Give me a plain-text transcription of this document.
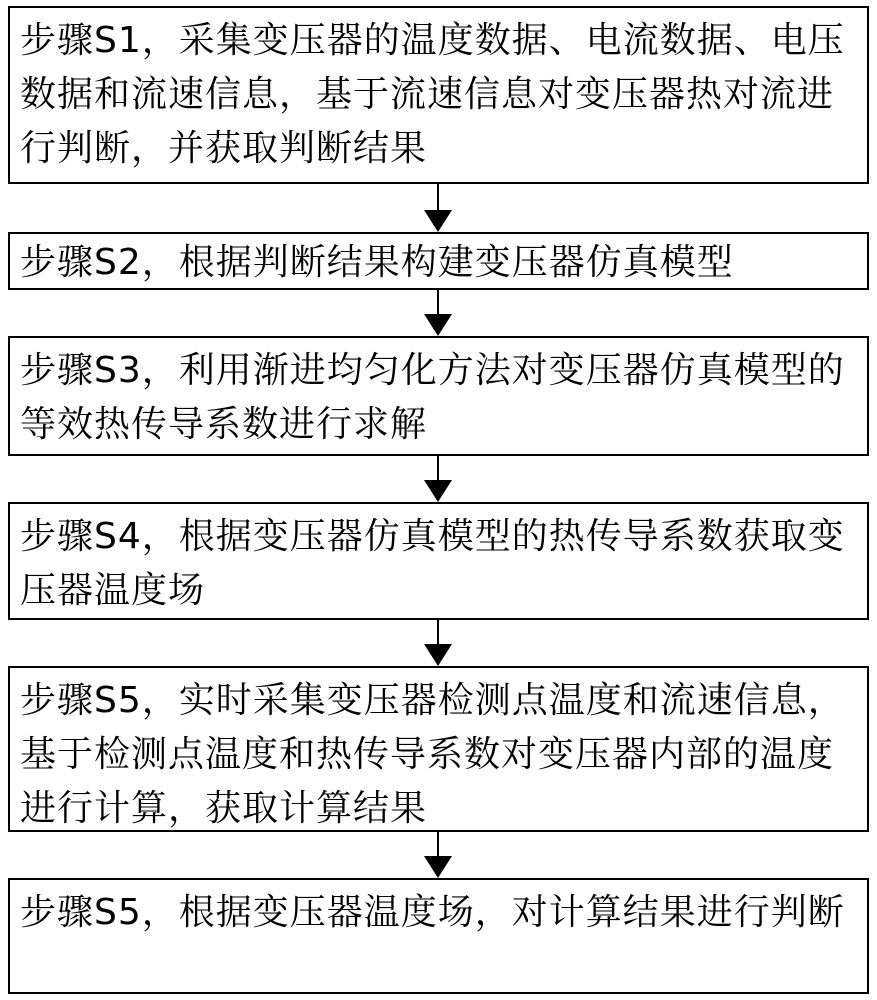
步骤S1，采集变压器的温度数据、电流数据、电压数据和流速信息，基于流速信息对变压器热对流进行判断，并获取判断结果
步骤S2，根据判断结果构建变压器仿真模型
步骤S3，利用渐进均匀化方法对变压器仿真模型的等效热传导系数进行求解
步骤S4，根据变压器仿真模型的热传导系数获取变压器温度场
步骤S5，实时采集变压器检测点温度和流速信息，基于检测点温度和热传导系数对变压器内部的温度进行计算，获取计算结果
步骤S5，根据变压器温度场，对计算结果进行判断
